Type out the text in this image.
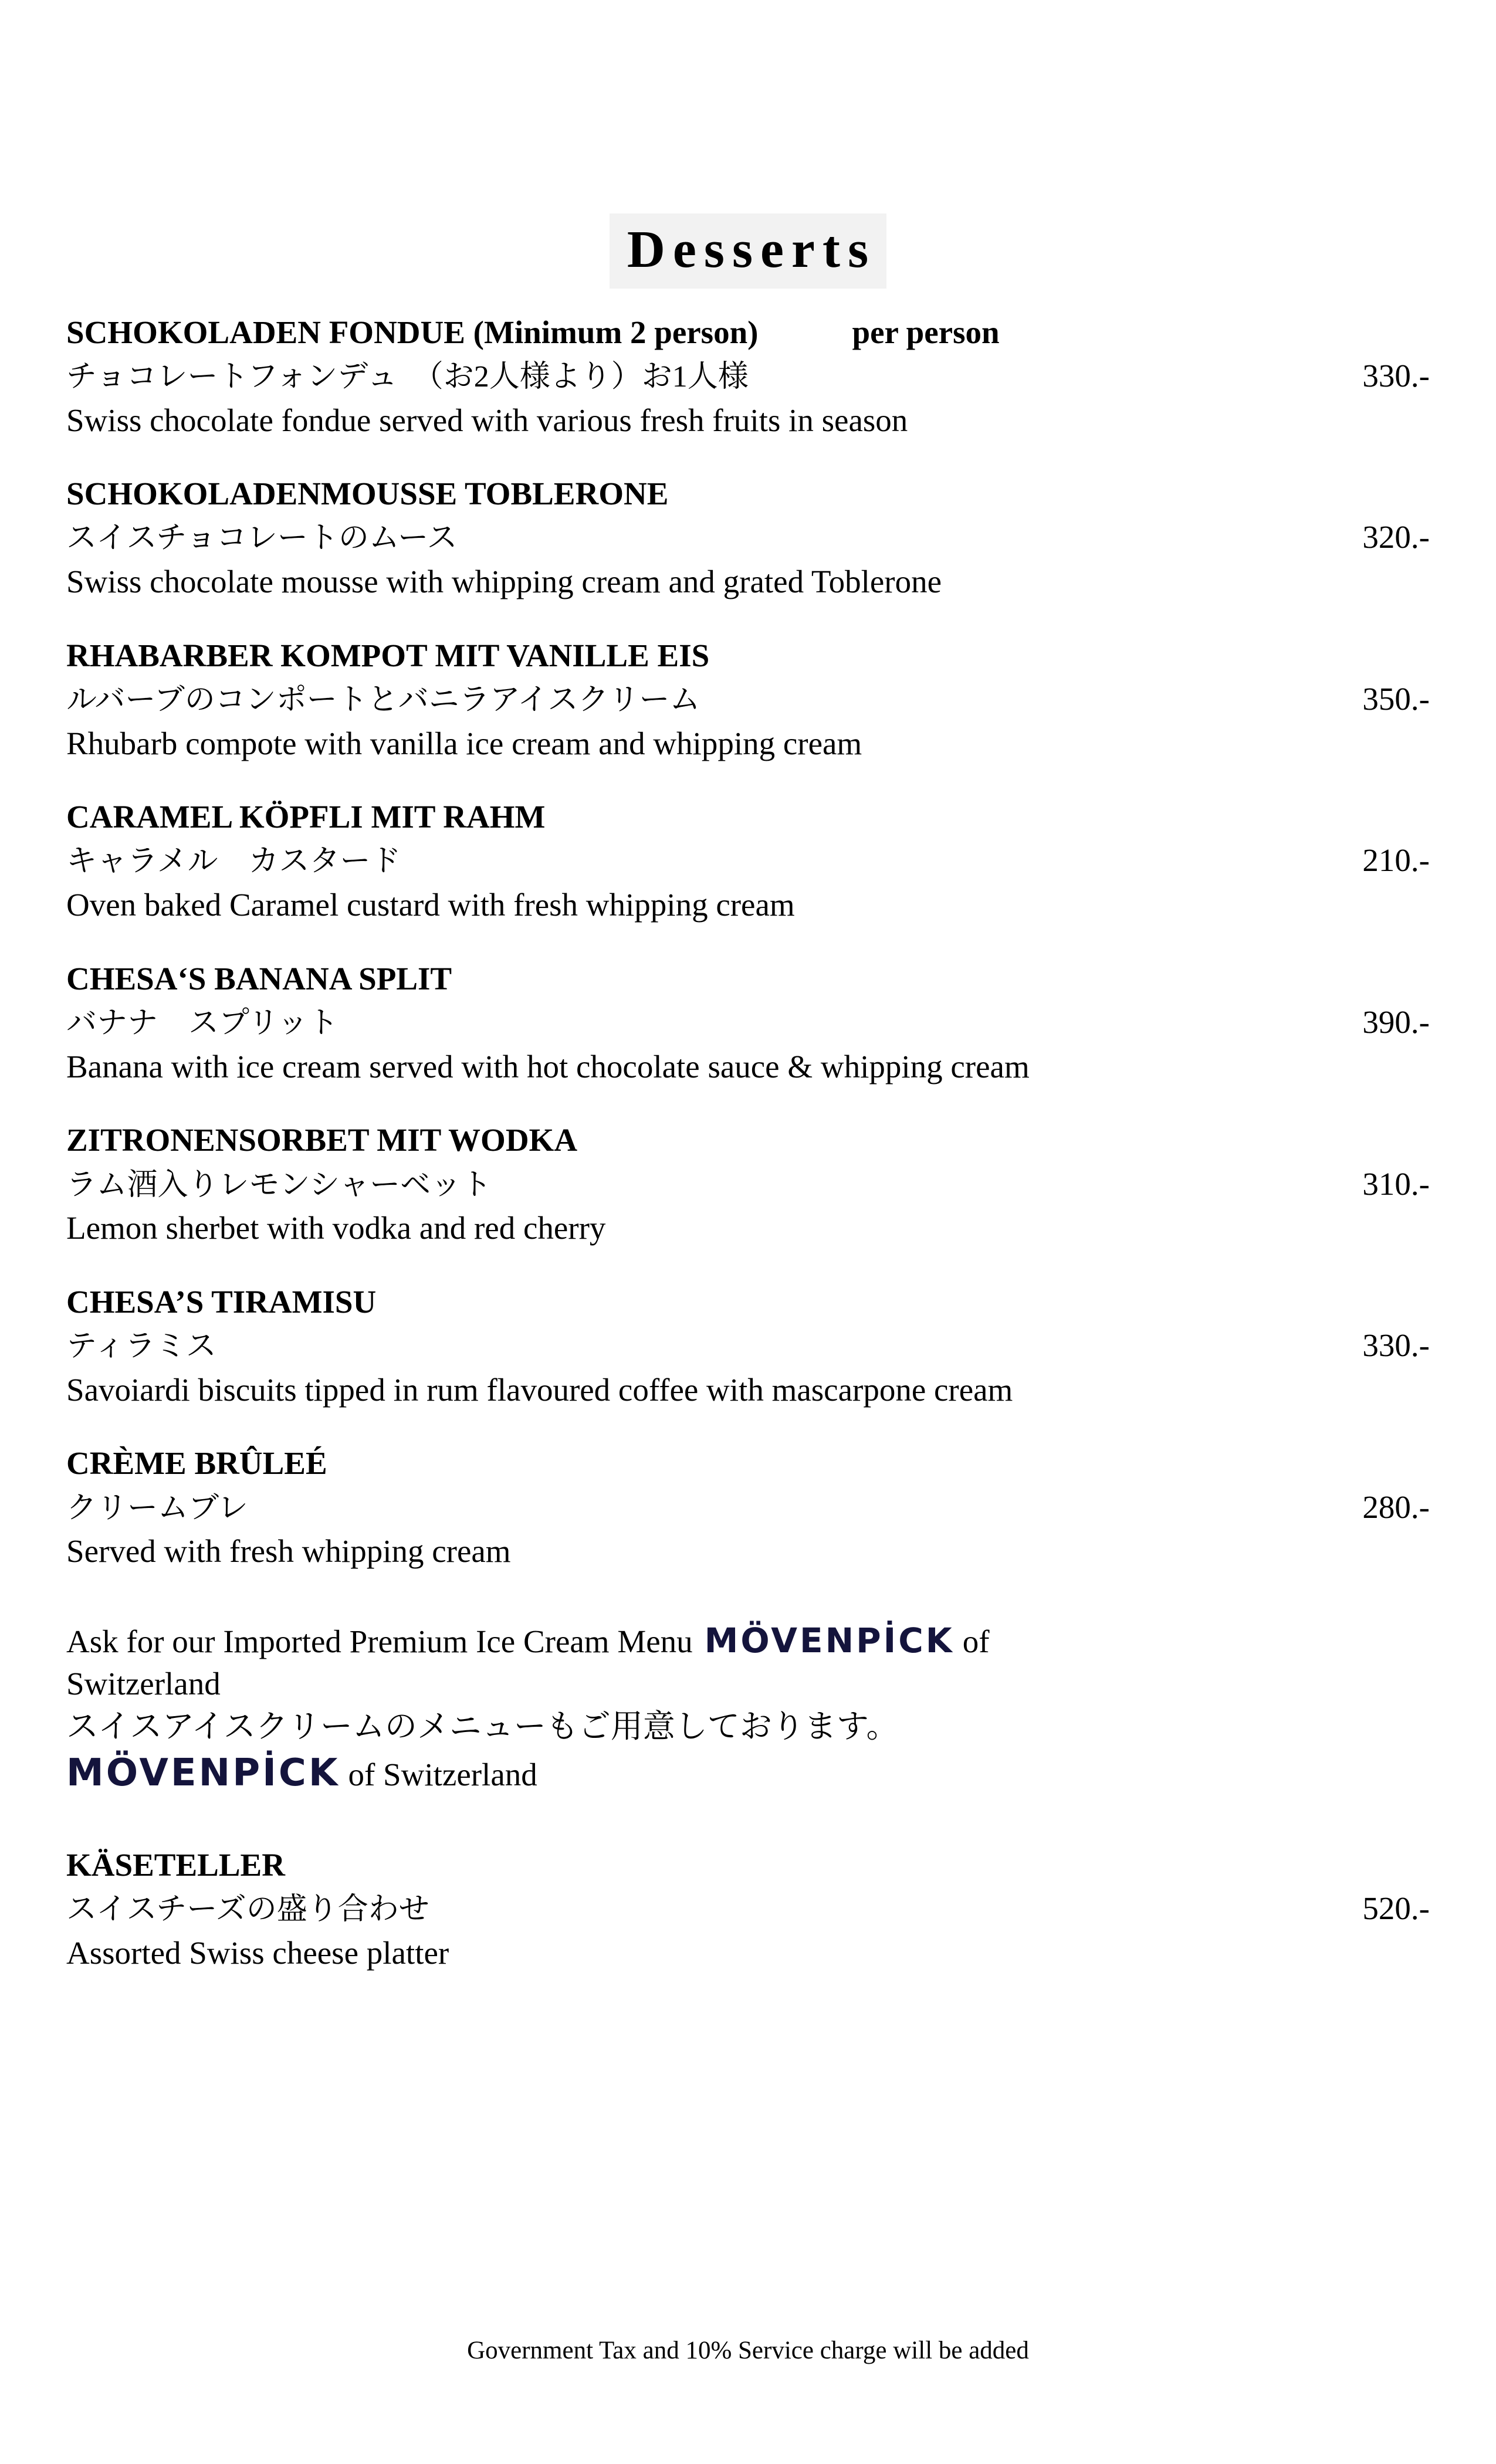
Desserts
SCHOKOLADEN FONDUE (Minimum 2 person)	per person
チョコレートフォンデュ　（お2人様より）お1人様	330.-
Swiss chocolate fondue served with various fresh fruits in season
SCHOKOLADENMOUSSE TOBLERONE
スイスチョコレートのムース	320.-
Swiss chocolate mousse with whipping cream and grated Toblerone
RHABARBER KOMPOT MIT VANILLE EIS
ルバーブのコンポートとバニラアイスクリーム	350.-
Rhubarb compote with vanilla ice cream and whipping cream
CARAMEL KÖPFLI MIT RAHM
キャラメル　カスタード	210.-
Oven baked Caramel custard with fresh whipping cream
CHESA‘S BANANA SPLIT
バナナ　スプリット	390.-
Banana with ice cream served with hot chocolate sauce & whipping cream
ZITRONENSORBET MIT WODKA
ラム酒入りレモンシャーベット	310.-
Lemon sherbet with vodka and red cherry
CHESA’S TIRAMISU
ティラミス	330.-
Savoiardi biscuits tipped in rum flavoured coffee with mascarpone cream
CRÈME BRÛLEÉ
クリームブレ	280.-
Served with fresh whipping cream
Ask for our Imported Premium Ice Cream Menu MÖVENPİCK of
Switzerland
スイスアイスクリームのメニューもご用意しております。
MÖVENPİCK of Switzerland
KÄSETELLER
スイスチーズの盛り合わせ	520.-
Assorted Swiss cheese platter
Government Tax and 10% Service charge will be added
